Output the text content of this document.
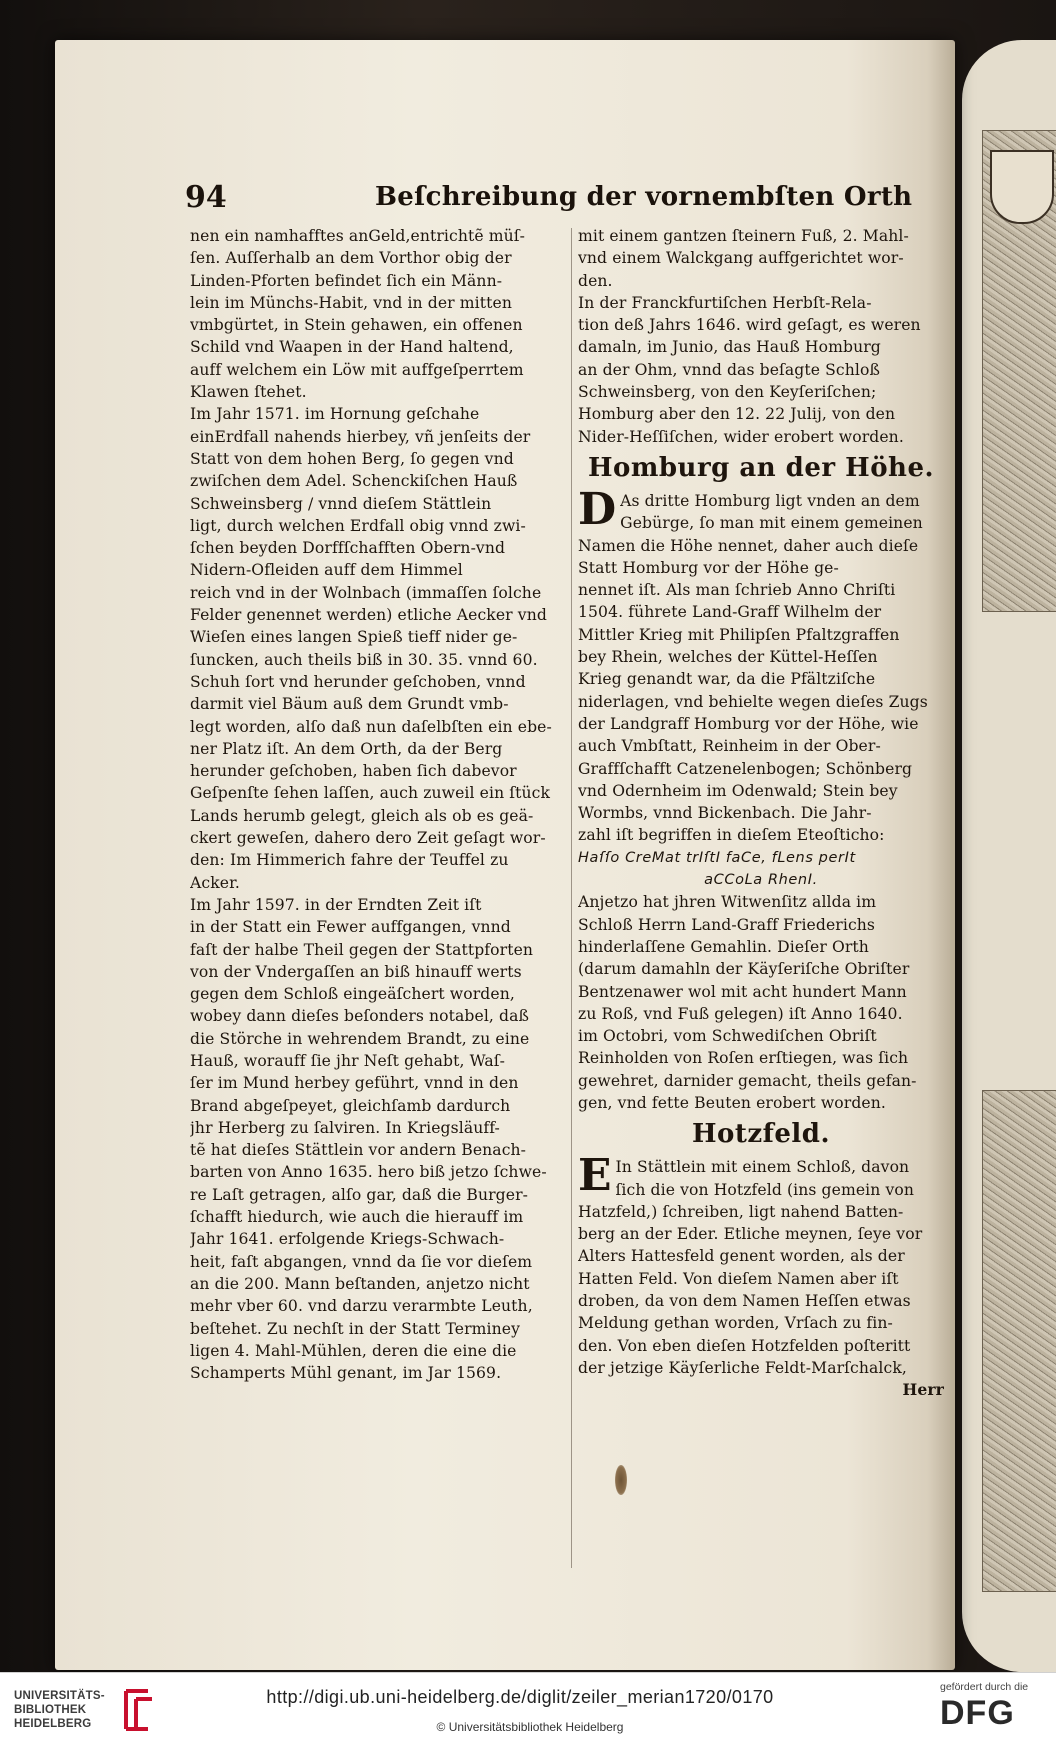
94	Beſchreibung der vornembſten Orth
nen ein namhafftes anGeld,entrichtẽ müſ-
ſen. Auſſerhalb an dem Vorthor obig der
Linden-Pforten befindet ſich ein Männ-
lein im Münchs-Habit, vnd in der mitten
vmbgürtet, in Stein gehawen, ein offenen
Schild vnd Waapen in der Hand haltend,
auff welchem ein Löw mit auffgeſperrtem
Klawen ſtehet.
Im Jahr 1571. im Hornung geſchahe
einErdfall nahends hierbey, vñ jenſeits der
Statt von dem hohen Berg, ſo gegen vnd
zwiſchen dem Adel. Schenckiſchen Hauß
Schweinsberg / vnnd dieſem Stättlein
ligt, durch welchen Erdfall obig vnnd zwi-
ſchen beyden Dorffſchafften Obern-vnd
Nidern-Ofleiden auff dem Himmel
reich vnd in der Wolnbach (immaſſen ſolche
Felder genennet werden) etliche Aecker vnd
Wieſen eines langen Spieß tieff nider ge-
ſuncken, auch theils biß in 30. 35. vnnd 60.
Schuh ſort vnd herunder geſchoben, vnnd
darmit viel Bäum auß dem Grundt vmb-
legt worden, alſo daß nun daſelbſten ein ebe-
ner Platz iſt. An dem Orth, da der Berg
herunder geſchoben, haben ſich dabevor
Geſpenſte ſehen laſſen, auch zuweil ein ſtück
Lands herumb gelegt, gleich als ob es geä-
ckert geweſen, dahero dero Zeit geſagt wor-
den: Im Himmerich fahre der Teuffel zu
Acker.
Im Jahr 1597. in der Erndten Zeit iſt
in der Statt ein Fewer auffgangen, vnnd
faſt der halbe Theil gegen der Stattpforten
von der Vndergaſſen an biß hinauff werts
gegen dem Schloß eingeäſchert worden,
wobey dann dieſes beſonders notabel, daß
die Störche in wehrendem Brandt, zu eine
Hauß, worauff ſie jhr Neſt gehabt, Waſ-
ſer im Mund herbey geführt, vnnd in den
Brand abgeſpeyet, gleichſamb dardurch
jhr Herberg zu ſalviren. In Kriegsläuff-
tẽ hat dieſes Stättlein vor andern Benach-
barten von Anno 1635. hero biß jetzo ſchwe-
re Laſt getragen, alſo gar, daß die Burger-
ſchafft hiedurch, wie auch die hierauff im
Jahr 1641. erfolgende Kriegs-Schwach-
heit, faſt abgangen, vnnd da ſie vor dieſem
an die 200. Mann beſtanden, anjetzo nicht
mehr vber 60. vnd darzu verarmbte Leuth,
beſtehet. Zu nechſt in der Statt Terminey
ligen 4. Mahl-Mühlen, deren die eine die
Schamperts Mühl genant, im Jar 1569.
mit einem gantzen ſteinern Fuß, 2. Mahl-
vnd einem Walckgang auffgerichtet wor-
den.
In der Franckfurtiſchen Herbſt-Rela-
tion deß Jahrs 1646. wird geſagt, es weren
damaln, im Junio, das Hauß Homburg
an der Ohm, vnnd das beſagte Schloß
Schweinsberg, von den Keyſeriſchen;
Homburg aber den 12. 22 Julij, von den
Nider-Heſſiſchen, wider erobert worden.
Homburg an der Höhe.
D As dritte Homburg ligt vnden an dem
Gebürge, ſo man mit einem gemeinen
Namen die Höhe nennet, daher auch dieſe
Statt Homburg vor der Höhe ge-
nennet iſt. Als man ſchrieb Anno Chriſti
1504. führete Land-Graff Wilhelm der
Mittler Krieg mit Philipſen Pfaltzgraffen
bey Rhein, welches der Küttel-Heſſen
Krieg genandt war, da die Pfältziſche
niderlagen, vnd behielte wegen dieſes Zugs
der Landgraff Homburg vor der Höhe, wie
auch Vmbſtatt, Reinheim in der Ober-
Graffſchafft Catzenelenbogen; Schönberg
vnd Odernheim im Odenwald; Stein bey
Wormbs, vnnd Bickenbach. Die Jahr-
zahl iſt begriffen in dieſem Eteoſticho:
Haſſo CreMat trIſtI faCe, fLens perIt
aCCoLa RhenI.
Anjetzo hat jhren Witwenſitz allda im
Schloß Herrn Land-Graff Friederichs
hinderlaſſene Gemahlin. Dieſer Orth
(darum damahln der Käyſeriſche Obriſter
Bentzenawer wol mit acht hundert Mann
zu Roß, vnd Fuß gelegen) iſt Anno 1640.
im Octobri, vom Schwediſchen Obriſt
Reinholden von Roſen erſtiegen, was ſich
gewehret, darnider gemacht, theils gefan-
gen, vnd fette Beuten erobert worden.
Hotzfeld.
E In Stättlein mit einem Schloß, davon
ſich die von Hotzfeld (ins gemein von
Hatzfeld,) ſchreiben, ligt nahend Batten-
berg an der Eder. Etliche meynen, ſeye vor
Alters Hattesfeld genent worden, als der
Hatten Feld. Von dieſem Namen aber iſt
droben, da von dem Namen Heſſen etwas
Meldung gethan worden, Vrſach zu fin-
den. Von eben dieſen Hotzfelden poſteritt
der jetzige Käyſerliche Feldt-Marſchalck,
Herr
UNIVERSITÄTS-
BIBLIOTHEK
HEIDELBERG
http://digi.ub.uni-heidelberg.de/diglit/zeiler_merian1720/0170
© Universitätsbibliothek Heidelberg
gefördert durch die
DFG
